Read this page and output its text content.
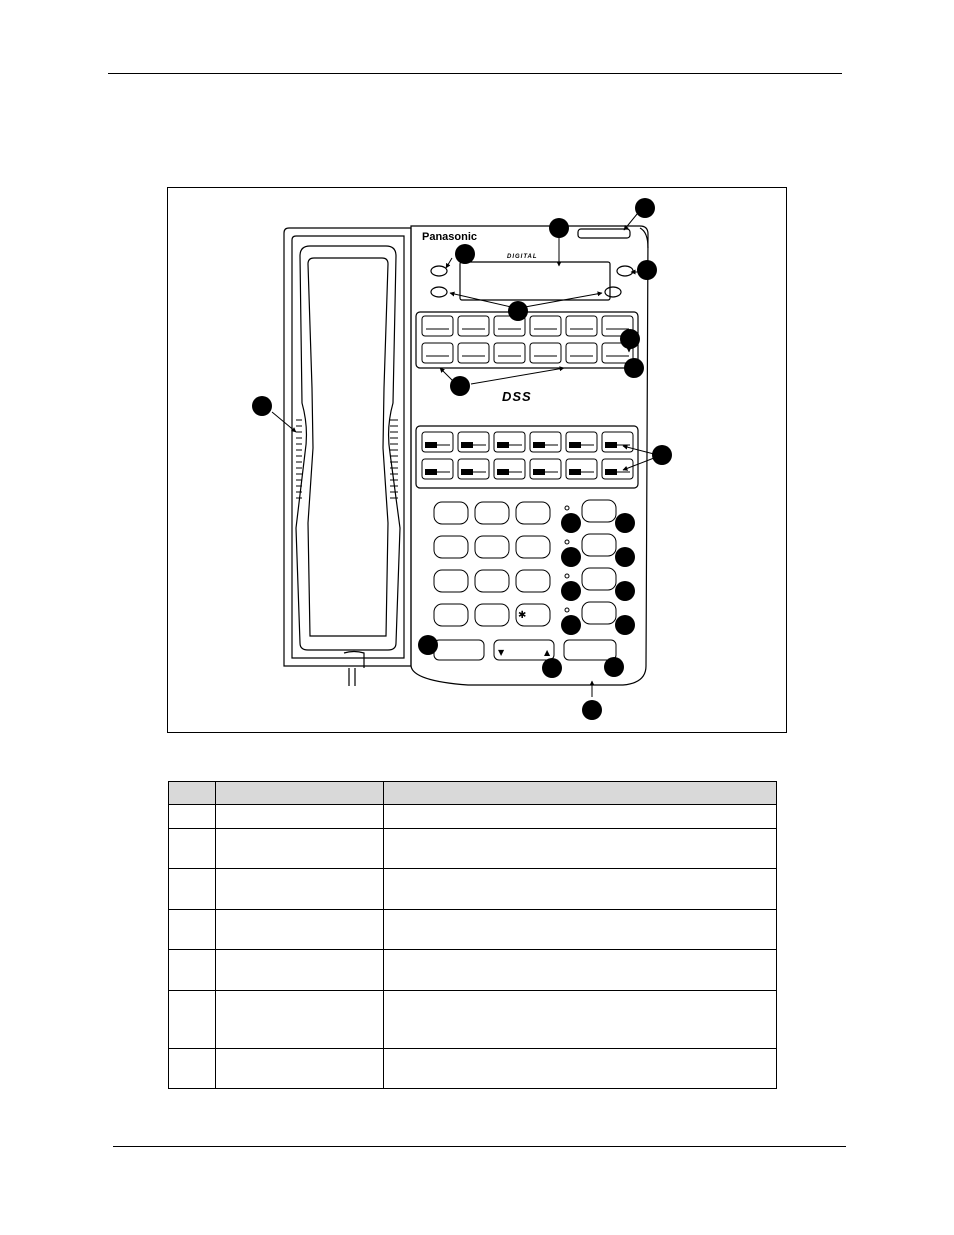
▼	▲
✱
Panasonic
DIGITAL
DSS
